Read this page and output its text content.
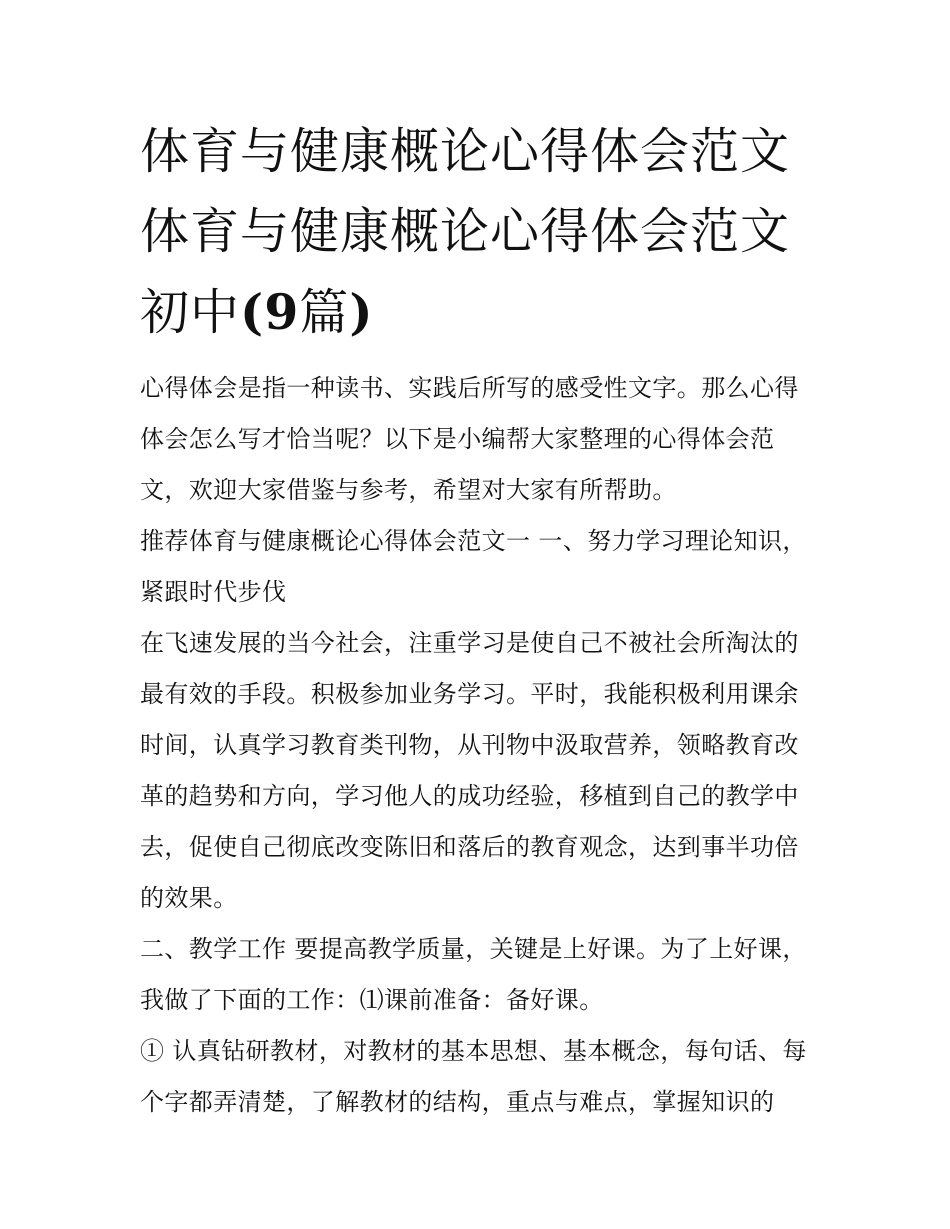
体育与健康概论心得体会范文
体育与健康概论心得体会范文
初中(9篇)

心得体会是指一种读书、实践后所写的感受性文字。那么心得体会怎么写才恰当呢？以下是小编帮大家整理的心得体会范文，欢迎大家借鉴与参考，希望对大家有所帮助。

推荐体育与健康概论心得体会范文一 一、努力学习理论知识，紧跟时代步伐

在飞速发展的当今社会，注重学习是使自己不被社会所淘汰的最有效的手段。积极参加业务学习。平时，我能积极利用课余时间，认真学习教育类刊物，从刊物中汲取营养，领略教育改革的趋势和方向，学习他人的成功经验，移植到自己的教学中去，促使自己彻底改变陈旧和落后的教育观念，达到事半功倍的效果。

二、教学工作 要提高教学质量，关键是上好课。为了上好课，我做了下面的工作：⑴课前准备：备好课。

① 认真钻研教材，对教材的基本思想、基本概念，每句话、每个字都弄清楚，了解教材的结构，重点与难点，掌握知识的
